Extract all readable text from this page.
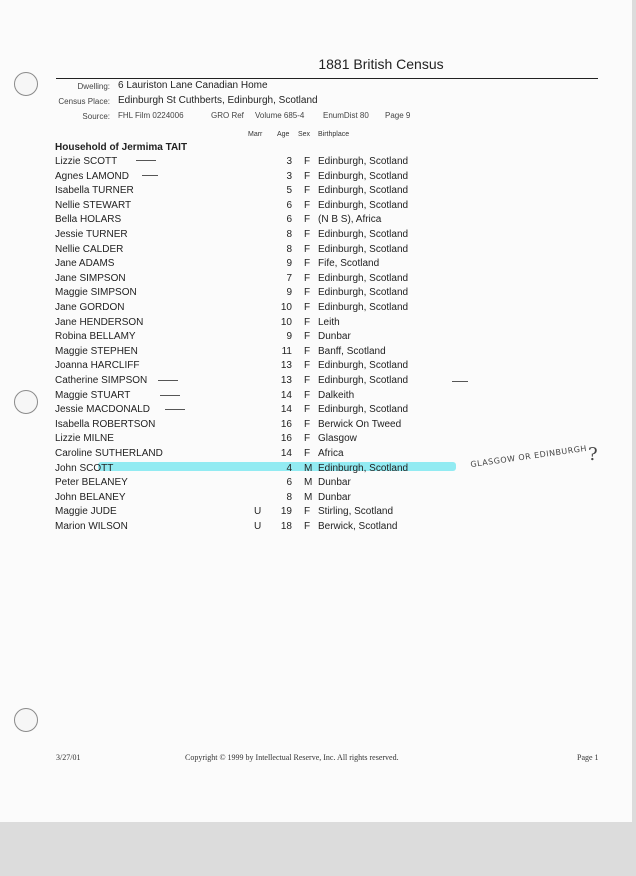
1881 British Census
Dwelling: 6 Lauriston Lane Canadian Home
Census Place: Edinburgh St Cuthberts, Edinburgh, Scotland
Source: FHL Film 0224006	GRO Ref Volume 685-4 EnumDist 80 Page 9
Marr Age Sex Birthplace
Household of Jermima TAIT
Lizzie SCOTT	3 F Edinburgh, Scotland
Agnes LAMOND	3 F Edinburgh, Scotland
Isabella TURNER	5 F Edinburgh, Scotland
Nellie STEWART	6 F Edinburgh, Scotland
Bella HOLARS	6 F (N B S), Africa
Jessie TURNER	8 F Edinburgh, Scotland
Nellie CALDER	8 F Edinburgh, Scotland
Jane ADAMS	9 F Fife, Scotland
Jane SIMPSON	7 F Edinburgh, Scotland
Maggie SIMPSON	9 F Edinburgh, Scotland
Jane GORDON	10 F Edinburgh, Scotland
Jane HENDERSON	10 F Leith
Robina BELLAMY	9 F Dunbar
Maggie STEPHEN	11 F Banff, Scotland
Joanna HARCLIFF	13 F Edinburgh, Scotland
Catherine SIMPSON	13 F Edinburgh, Scotland
Maggie STUART	14 F Dalkeith
Jessie MACDONALD	14 F Edinburgh, Scotland
Isabella ROBERTSON	16 F Berwick On Tweed
Lizzie MILNE	16 F Glasgow
Caroline SUTHERLAND	14 F Africa
John SCOTT	4 M Edinburgh, Scotland
Peter BELANEY	6 M Dunbar
John BELANEY	8 M Dunbar
Maggie JUDE	U	19 F Stirling, Scotland
Marion WILSON	U	18 F Berwick, Scotland
GLASGOW OR EDINBURGH ?
3/27/01	Copyright © 1999 by Intellectual Reserve, Inc. All rights reserved.	Page 1
